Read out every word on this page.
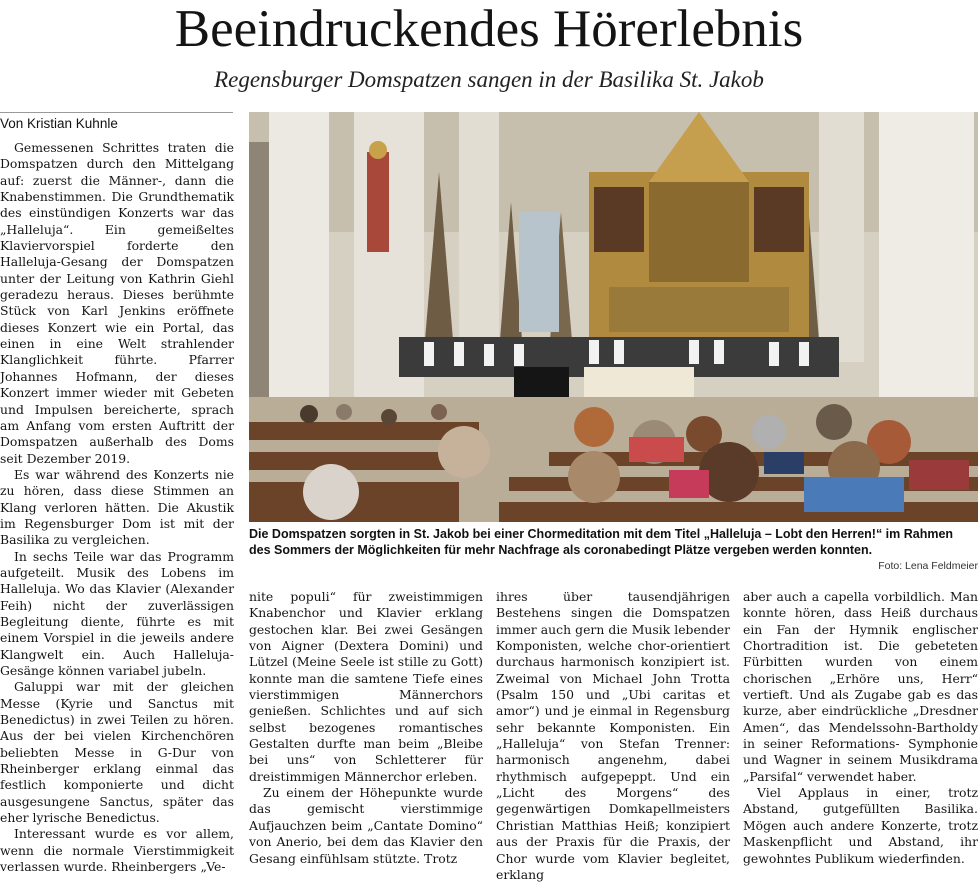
Beeindruckendes Hörerlebnis
Regensburger Domspatzen sangen in der Basilika St. Jakob
Von Kristian Kuhnle

Gemessenen Schrittes traten die Domspatzen durch den Mittelgang auf: zuerst die Männer-, dann die Knabenstimmen. Die Grundthematik des einstündigen Konzerts war das „Halleluja“. Ein gemeißeltes Klaviervorspiel forderte den Halleluja-Gesang der Domspatzen unter der Leitung von Kathrin Giehl geradezu heraus. Dieses berühmte Stück von Karl Jenkins eröffnete dieses Konzert wie ein Portal, das einen in eine Welt strahlender Klanglichkeit führte. Pfarrer Johannes Hofmann, der dieses Konzert immer wieder mit Gebeten und Impulsen bereicherte, sprach am Anfang vom ersten Auftritt der Domspatzen außerhalb des Doms seit Dezember 2019.

Es war während des Konzerts nie zu hören, dass diese Stimmen an Klang verloren hätten. Die Akustik im Regensburger Dom ist mit der Basilika zu vergleichen.

In sechs Teile war das Programm aufgeteilt. Musik des Lobens im Halleluja. Wo das Klavier (Alexander Feih) nicht der zuverlässigen Begleitung diente, führte es mit einem Vorspiel in die jeweils andere Klangwelt ein. Auch Halleluja-Gesänge können variabel jubeln.

Galuppi war mit der gleichen Messe (Kyrie und Sanctus mit Benedictus) in zwei Teilen zu hören. Aus der bei vielen Kirchenchören beliebten Messe in G-Dur von Rheinberger erklang einmal das festlich komponierte und dicht ausgesungene Sanctus, später das eher lyrische Benedictus.

Interessant wurde es vor allem, wenn die normale Vierstimmigkeit verlassen wurde. Rheinbergers „Ve-

Die Domspatzen sorgten in St. Jakob bei einer Chormeditation mit dem Titel „Halleluja – Lobt den Herren!“ im Rahmen des Sommers der Möglichkeiten für mehr Nachfrage als coronabedingt Plätze vergeben werden konnten.
Foto: Lena Feldmeier

nite populi“ für zweistimmigen Knabenchor und Klavier erklang gestochen klar. Bei zwei Gesängen von Aigner (Dextera Domini) und Lützel (Meine Seele ist stille zu Gott) konnte man die samtene Tiefe eines vierstimmigen Männerchors genießen. Schlichtes und auf sich selbst bezogenes romantisches Gestalten durfte man beim „Bleibe bei uns“ von Schletterer für dreistimmigen Männerchor erleben.

Zu einem der Höhepunkte wurde das gemischt vierstimmige Aufjauchzen beim „Cantate Domino“ von Anerio, bei dem das Klavier den Gesang einfühlsam stützte. Trotz

ihres über tausendjährigen Bestehens singen die Domspatzen immer auch gern die Musik lebender Komponisten, welche chor-orientiert durchaus harmonisch konzipiert ist. Zweimal von Michael John Trotta (Psalm 150 und „Ubi caritas et amor“) und je einmal in Regensburg sehr bekannte Komponisten. Ein „Halleluja“ von Stefan Trenner: harmonisch angenehm, dabei rhythmisch aufgepeppt. Und ein „Licht des Morgens“ des gegenwärtigen Domkapellmeisters Christian Matthias Heiß; konzipiert aus der Praxis für die Praxis, der Chor wurde vom Klavier begleitet, erklang

aber auch a capella vorbildlich. Man konnte hören, dass Heiß durchaus ein Fan der Hymnik englischer Chortradition ist. Die gebeteten Fürbitten wurden von einem chorischen „Erhöre uns, Herr“ vertieft. Und als Zugabe gab es das kurze, aber eindrückliche „Dresdner Amen“, das Mendelssohn-Bartholdy in seiner Reformations- Symphonie und Wagner in seinem Musikdrama „Parsifal“ verwendet haber.

Viel Applaus in einer, trotz Abstand, gutgefüllten Basilika. Mögen auch andere Konzerte, trotz Maskenpflicht und Abstand, ihr gewohntes Publikum wiederfinden.
